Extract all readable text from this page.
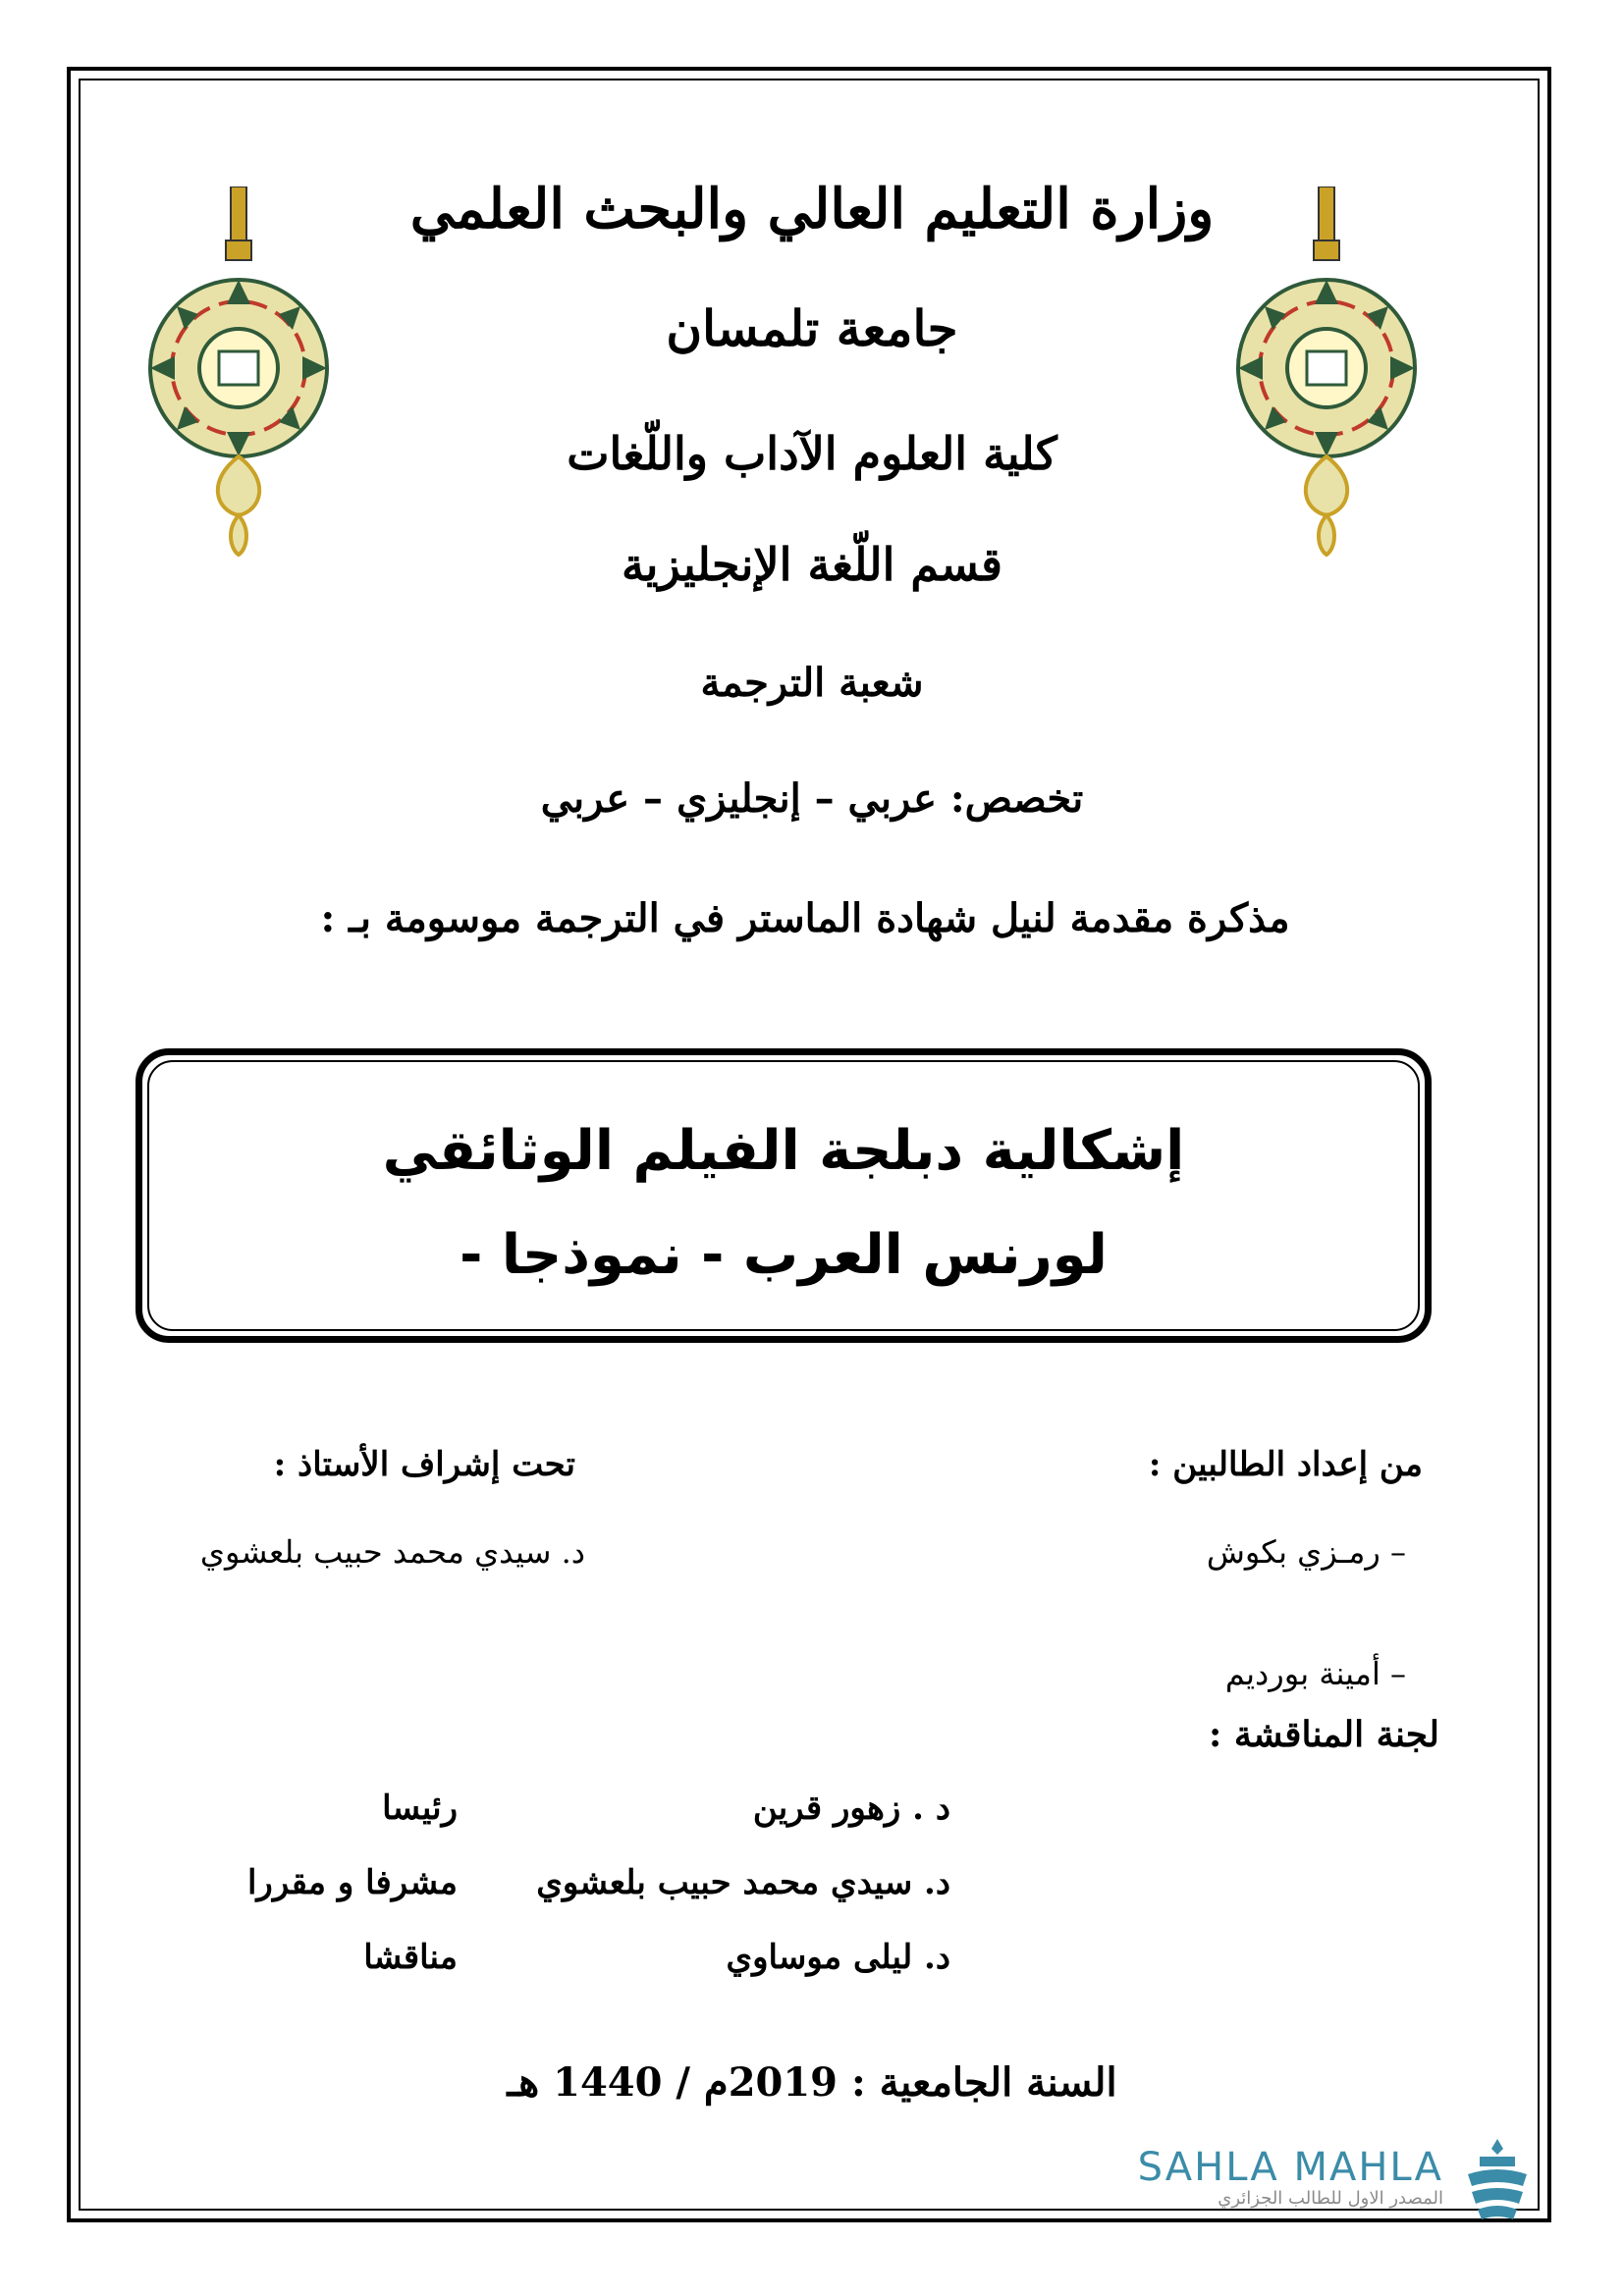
وزارة التعليم العالي والبحث العلمي
جامعة تلمسان
كلية العلوم الآداب واللّغات
قسم اللّغة الإنجليزية
شعبة الترجمة
تخصص: عربي – إنجليزي – عربي
مذكرة مقدمة لنيل شهادة الماستر في الترجمة موسومة بـ :
إشكالية دبلجة الفيلم الوثائقي
لورنس العرب - نموذجا -
من إعداد الطالبين :
– رمـزي بكوش
– أمينة بورديم
تحت إشراف الأستاذ :
د. سيدي محمد حبيب بلعشوي
لجنة المناقشة :
د . زهور قرين
رئيسا
د. سيدي محمد حبيب بلعشوي
مشرفا و مقررا
د. ليلى موساوي
مناقشا
السنة الجامعية : 2019م / 1440 هـ
SAHLA MAHLA
المصدر الاول للطالب الجزائري
